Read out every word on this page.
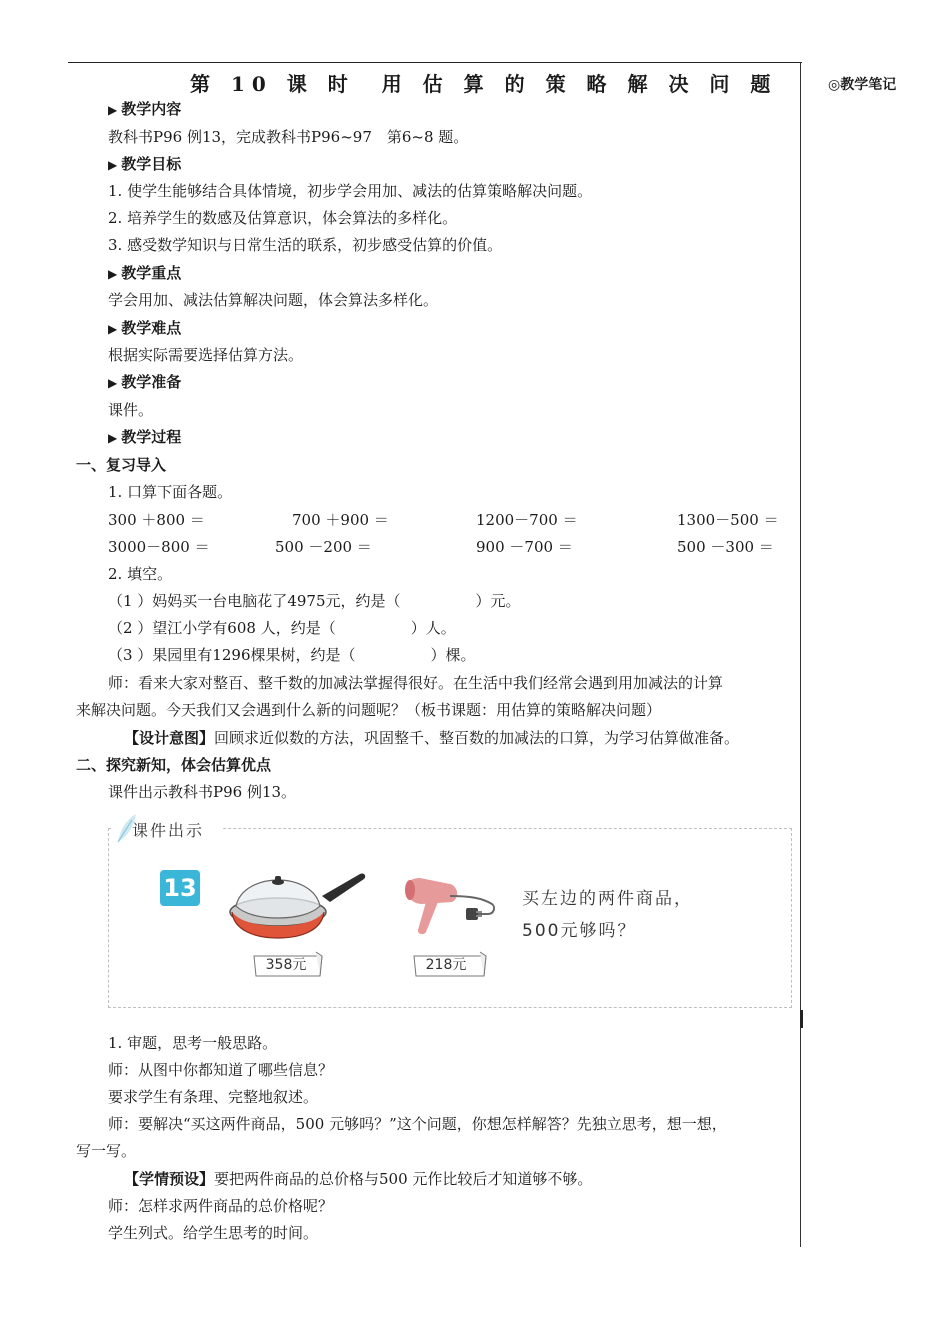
◎教学笔记
第 10 课 时　用 估 算 的 策 略 解 决 问 题
▶ 教学内容
教科书P96 例13，完成教科书P96~97　第6~8 题。
▶ 教学目标
1. 使学生能够结合具体情境，初步学会用加、减法的估算策略解决问题。
2. 培养学生的数感及估算意识，体会算法的多样化。
3. 感受数学知识与日常生活的联系，初步感受估算的价值。
▶ 教学重点
学会用加、减法估算解决问题，体会算法多样化。
▶ 教学难点
根据实际需要选择估算方法。
▶ 教学准备
课件。
▶ 教学过程
一、复习导入
1. 口算下面各题。
300 ＋800 ＝	700 ＋900 ＝	1200－700 ＝	1300－500 ＝
3000－800 ＝	500 －200 ＝	900 －700 ＝	500 －300 ＝
2. 填空。
（1 ）妈妈买一台电脑花了4975元，约是（　　　　　）元。
（2 ）望江小学有608 人，约是（　　　　　）人。
（3 ）果园里有1296棵果树，约是（　　　　　）棵。
师：看来大家对整百、整千数的加减法掌握得很好。在生活中我们经常会遇到用加减法的计算
来解决问题。今天我们又会遇到什么新的问题呢？（板书课题：用估算的策略解决问题）
【设计意图】回顾求近似数的方法，巩固整千、整百数的加减法的口算，为学习估算做准备。
二、探究新知，体会估算优点
课件出示教科书P96 例13。
课件出示
13
358元	218元
买左边的两件商品，
500元够吗？
1. 审题，思考一般思路。
师：从图中你都知道了哪些信息？
要求学生有条理、完整地叙述。
师：要解决“买这两件商品，500 元够吗？”这个问题，你想怎样解答？先独立思考，想一想，
写一写。
【学情预设】要把两件商品的总价格与500 元作比较后才知道够不够。
师：怎样求两件商品的总价格呢？
学生列式。给学生思考的时间。
